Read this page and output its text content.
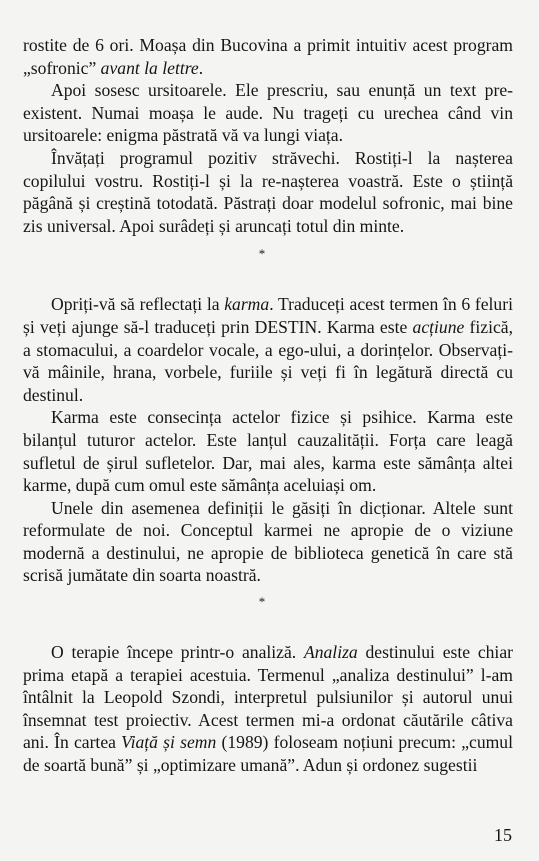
rostite de 6 ori. Moașa din Bucovina a primit intuitiv acest program „sofronic” avant la lettre.

Apoi sosesc ursitoarele. Ele prescriu, sau enunță un text pre-existent. Numai moașa le aude. Nu trageți cu urechea când vin ursitoarele: enigma păstrată vă va lungi viața.

Învățați programul pozitiv străvechi. Rostiți-l la nașterea copilului vostru. Rostiți-l și la re-nașterea voastră. Este o știință păgână și creștină totodată. Păstrați doar modelul sofronic, mai bine zis universal. Apoi surâdeți și aruncați totul din minte.

*

Opriți-vă să reflectați la karma. Traduceți acest termen în 6 feluri și veți ajunge să-l traduceți prin DESTIN. Karma este acțiune fizică, a stomacului, a coardelor vocale, a ego-ului, a dorințelor. Observați-vă mâinile, hrana, vorbele, furiile și veți fi în legătură directă cu destinul.

Karma este consecința actelor fizice și psihice. Karma este bilanțul tuturor actelor. Este lanțul cauzalității. Forța care leagă sufletul de șirul sufletelor. Dar, mai ales, karma este sămânța altei karme, după cum omul este sămânța aceluiași om.

Unele din asemenea definiții le găsiți în dicționar. Altele sunt reformulate de noi. Conceptul karmei ne apropie de o viziune modernă a destinului, ne apropie de biblioteca genetică în care stă scrisă jumătate din soarta noastră.

*

O terapie începe printr-o analiză. Analiza destinului este chiar prima etapă a terapiei acestuia. Termenul „analiza destinului” l-am întâlnit la Leopold Szondi, interpretul pulsiunilor și autorul unui însemnat test proiectiv. Acest termen mi-a ordonat căutările câtiva ani. În cartea Viață și semn (1989) foloseam noțiuni precum: „cumul de soartă bună” și „optimizare umană”. Adun și ordonez sugestii

15
